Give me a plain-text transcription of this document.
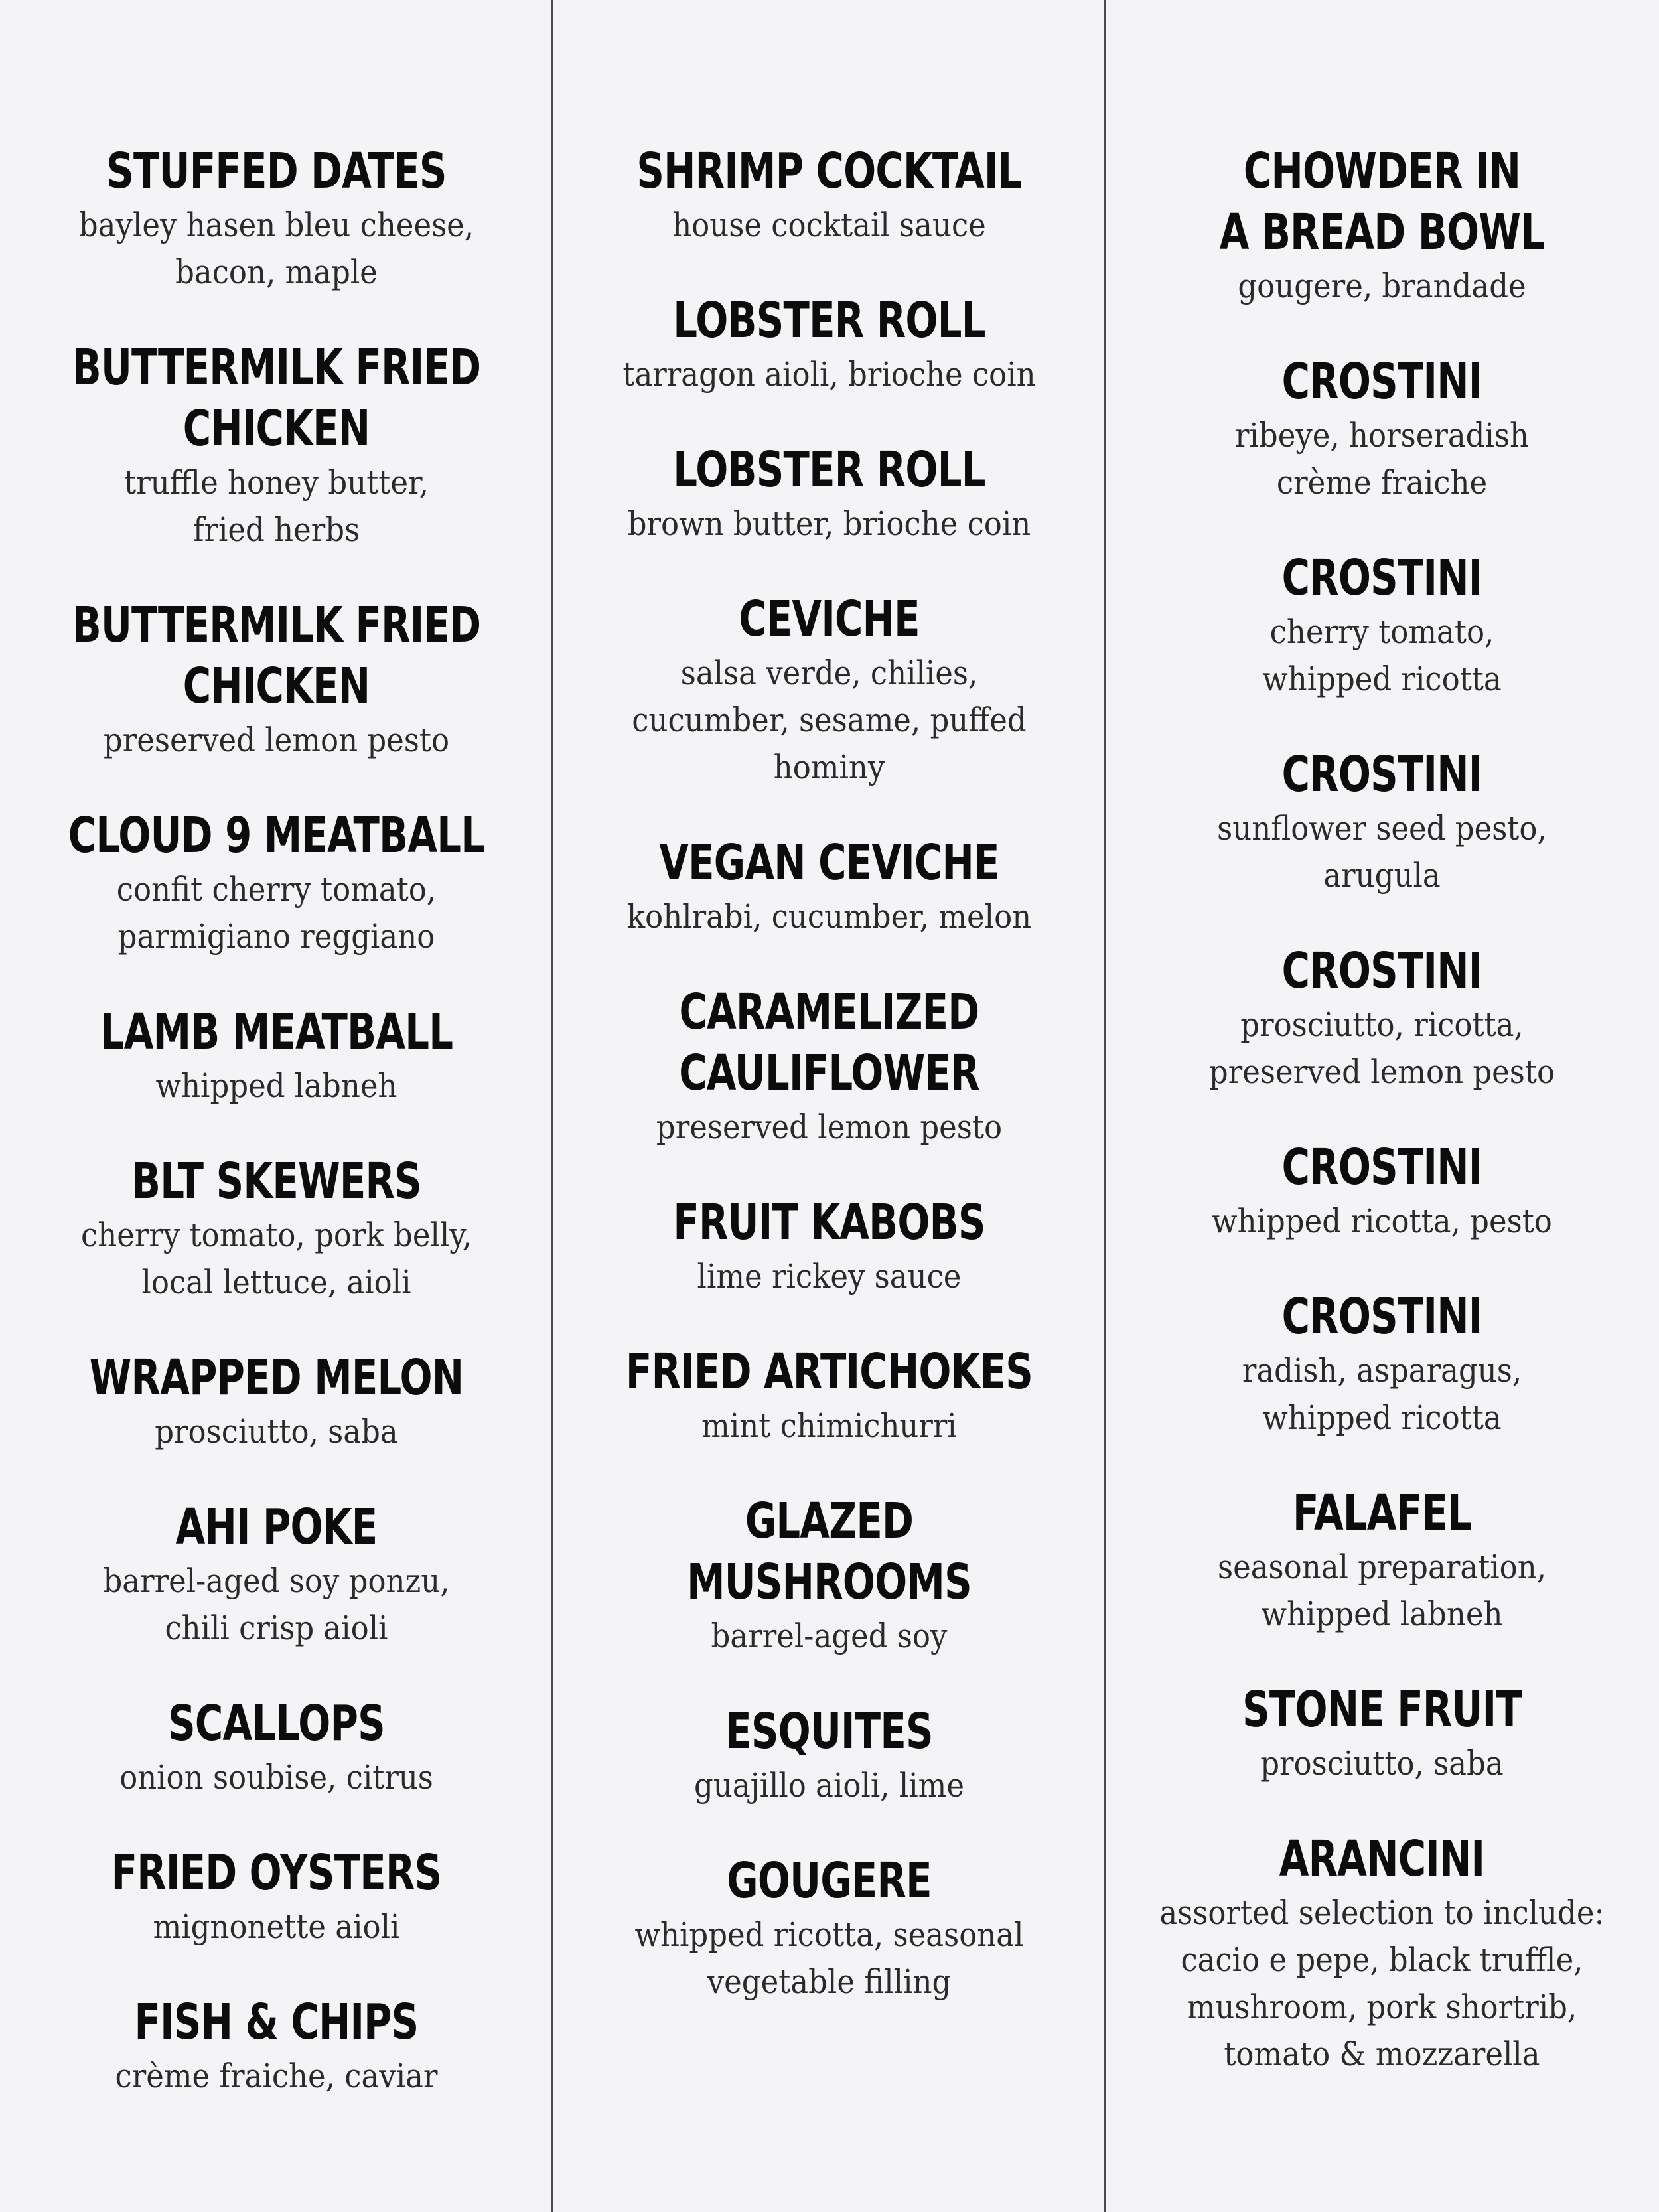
STUFFED DATES
bayley hasen bleu cheese,
bacon, maple
BUTTERMILK FRIED
CHICKEN
truffle honey butter,
fried herbs
BUTTERMILK FRIED
CHICKEN
preserved lemon pesto
CLOUD 9 MEATBALL
confit cherry tomato,
parmigiano reggiano
LAMB MEATBALL
whipped labneh
BLT SKEWERS
cherry tomato, pork belly,
local lettuce, aioli
WRAPPED MELON
prosciutto, saba
AHI POKE
barrel-aged soy ponzu,
chili crisp aioli
SCALLOPS
onion soubise, citrus
FRIED OYSTERS
mignonette aioli
FISH & CHIPS
crème fraiche, caviar
SHRIMP COCKTAIL
house cocktail sauce
LOBSTER ROLL
tarragon aioli, brioche coin
LOBSTER ROLL
brown butter, brioche coin
CEVICHE
salsa verde, chilies,
cucumber, sesame, puffed
hominy
VEGAN CEVICHE
kohlrabi, cucumber, melon
CARAMELIZED
CAULIFLOWER
preserved lemon pesto
FRUIT KABOBS
lime rickey sauce
FRIED ARTICHOKES
mint chimichurri
GLAZED MUSHROOMS
barrel-aged soy
ESQUITES
guajillo aioli, lime
GOUGERE
whipped ricotta, seasonal
vegetable filling
CHOWDER IN
A BREAD BOWL
gougere, brandade
CROSTINI
ribeye, horseradish
crème fraiche
CROSTINI
cherry tomato,
whipped ricotta
CROSTINI
sunflower seed pesto,
arugula
CROSTINI
prosciutto, ricotta,
preserved lemon pesto
CROSTINI
whipped ricotta, pesto
CROSTINI
radish, asparagus,
whipped ricotta
FALAFEL
seasonal preparation,
whipped labneh
STONE FRUIT
prosciutto, saba
ARANCINI
assorted selection to include:
cacio e pepe, black truffle,
mushroom, pork shortrib,
tomato & mozzarella
